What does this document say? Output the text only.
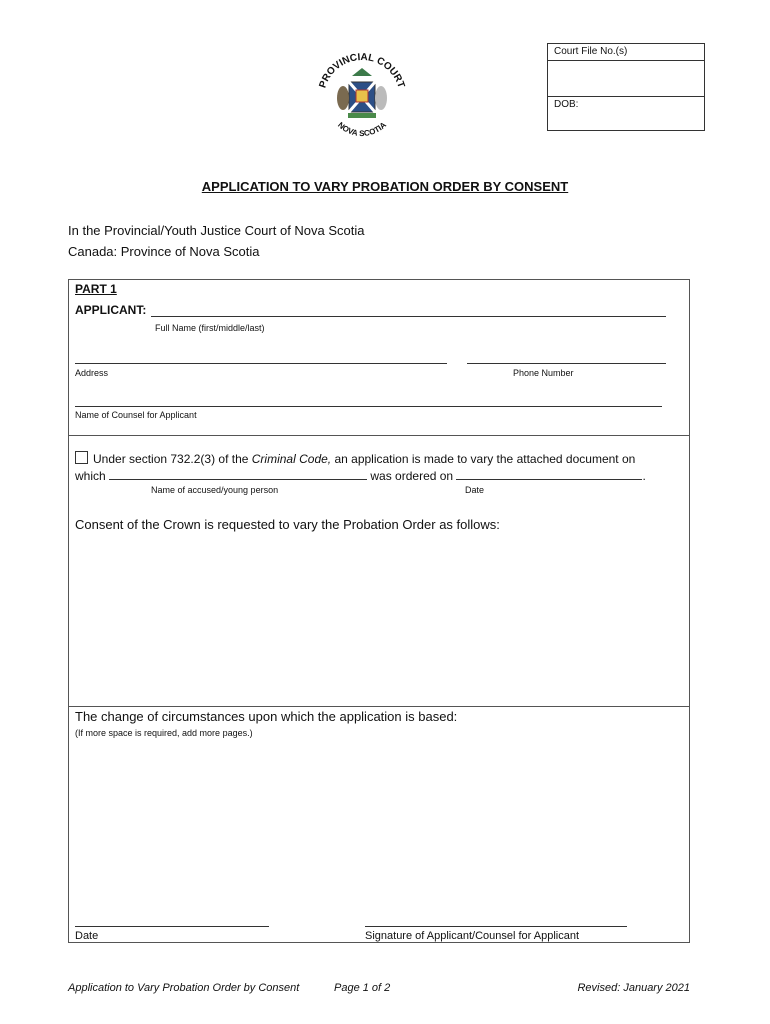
PROVINCIAL COURT
NOVA SCOTIA
Court File No.(s)
DOB:
APPLICATION TO VARY PROBATION ORDER BY CONSENT
In the Provincial/Youth Justice Court of Nova Scotia
Canada: Province of Nova Scotia
PART 1
APPLICANT:
Full Name (first/middle/last)
Address	Phone Number
Name of Counsel for Applicant
Under section 732.2(3) of the Criminal Code, an application is made to vary the attached document on
which	was ordered on	.
Name of accused/young person	Date
Consent of the Crown is requested to vary the Probation Order as follows:
The change of circumstances upon which the application is based:
(If more space is required, add more pages.)
Date	Signature of Applicant/Counsel for Applicant
Application to Vary Probation Order by Consent	Page 1 of 2	Revised: January 2021
